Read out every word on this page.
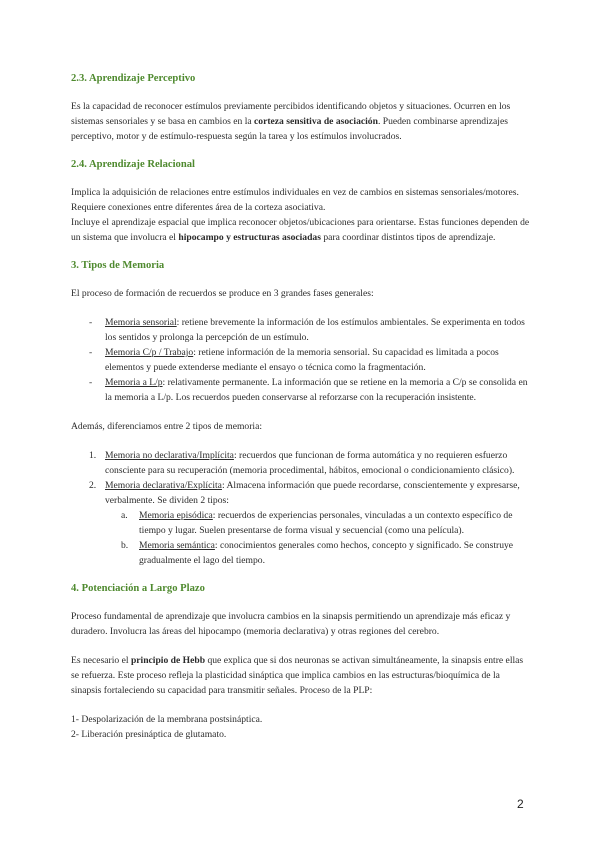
2.3. Aprendizaje Perceptivo

Es la capacidad de reconocer estímulos previamente percibidos identificando objetos y situaciones. Ocurren en los sistemas sensoriales y se basa en cambios en la corteza sensitiva de asociación. Pueden combinarse aprendizajes perceptivo, motor y de estímulo-respuesta según la tarea y los estímulos involucrados.

2.4. Aprendizaje Relacional

Implica la adquisición de relaciones entre estímulos individuales en vez de cambios en sistemas sensoriales/motores. Requiere conexiones entre diferentes área de la corteza asociativa.

Incluye el aprendizaje espacial que implica reconocer objetos/ubicaciones para orientarse. Estas funciones dependen de un sistema que involucra el hipocampo y estructuras asociadas para coordinar distintos tipos de aprendizaje.

3. Tipos de Memoria

El proceso de formación de recuerdos se produce en 3 grandes fases generales:

- Memoria sensorial: retiene brevemente la información de los estímulos ambientales. Se experimenta en todos los sentidos y prolonga la percepción de un estímulo.
- Memoria C/p / Trabajo: retiene información de la memoria sensorial. Su capacidad es limitada a pocos elementos y puede extenderse mediante el ensayo o técnica como la fragmentación.
- Memoria a L/p: relativamente permanente. La información que se retiene en la memoria a C/p se consolida en la memoria a L/p. Los recuerdos pueden conservarse al reforzarse con la recuperación insistente.

Además, diferenciamos entre 2 tipos de memoria:

1. Memoria no declarativa/Implícita: recuerdos que funcionan de forma automática y no requieren esfuerzo consciente para su recuperación (memoria procedimental, hábitos, emocional o condicionamiento clásico).
2. Memoria declarativa/Explícita: Almacena información que puede recordarse, conscientemente y expresarse, verbalmente. Se dividen 2 tipos:
a. Memoria episódica: recuerdos de experiencias personales, vinculadas a un contexto específico de tiempo y lugar. Suelen presentarse de forma visual y secuencial (como una película).
b. Memoria semántica: conocimientos generales como hechos, concepto y significado. Se construye gradualmente el lago del tiempo.
4. Potenciación a Largo Plazo

Proceso fundamental de aprendizaje que involucra cambios en la sinapsis permitiendo un aprendizaje más eficaz y duradero. Involucra las áreas del hipocampo (memoria declarativa) y otras regiones del cerebro.

Es necesario el principio de Hebb que explica que si dos neuronas se activan simultáneamente, la sinapsis entre ellas se refuerza. Este proceso refleja la plasticidad sináptica que implica cambios en las estructuras/bioquímica de la sinapsis fortaleciendo su capacidad para transmitir señales. Proceso de la PLP:

1- Despolarización de la membrana postsináptica.

2- Liberación presináptica de glutamato.

2
